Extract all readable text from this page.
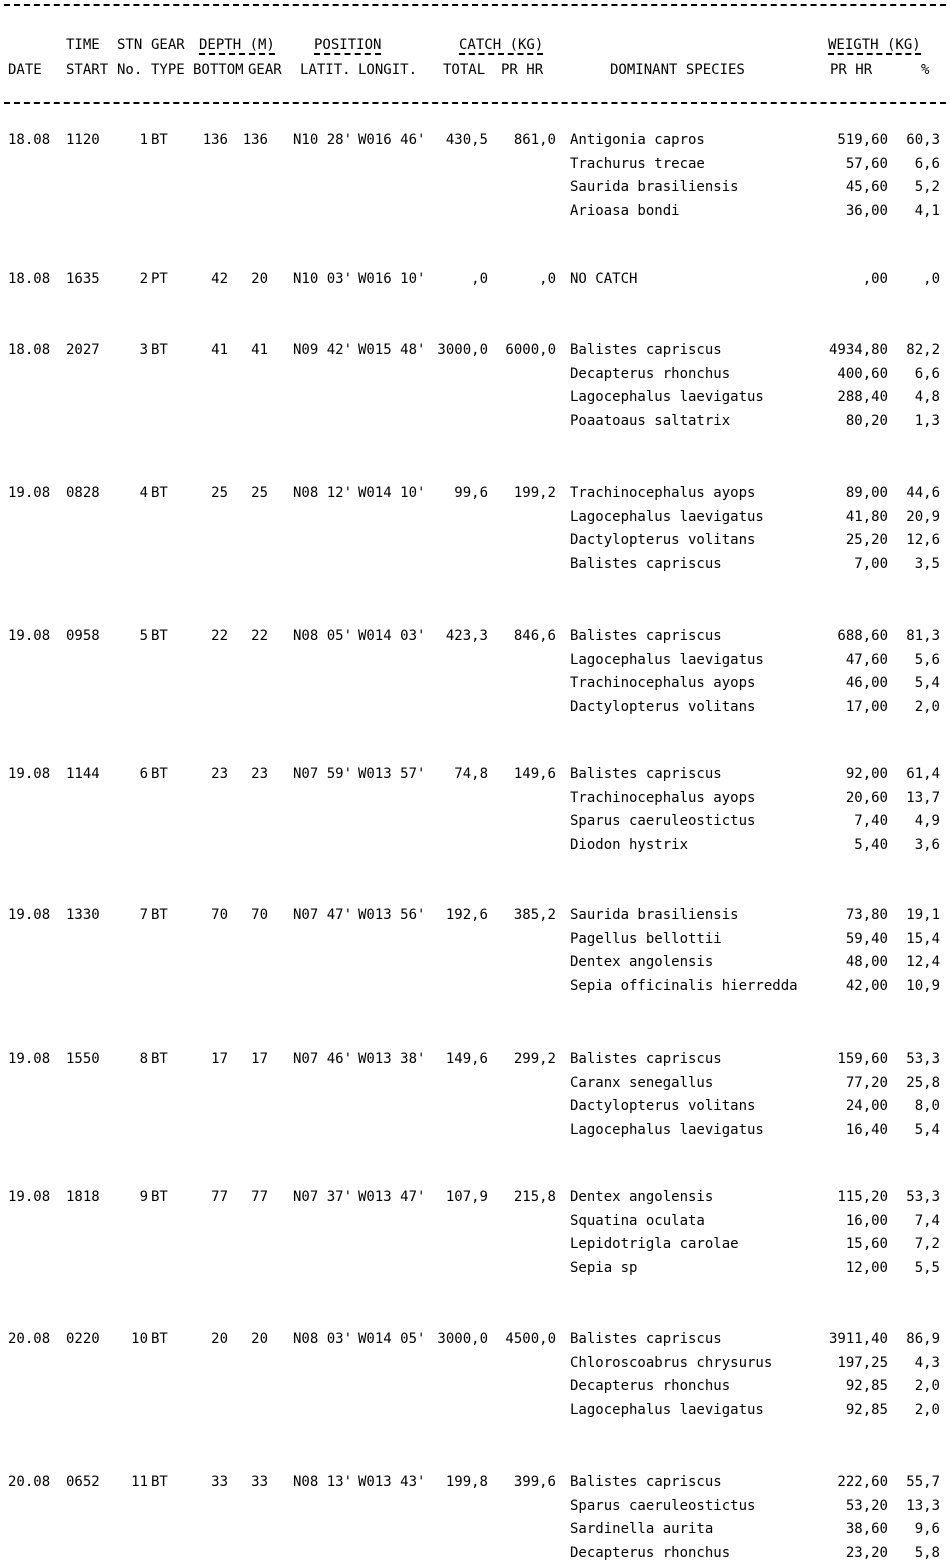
TIME STN GEAR DEPTH (M)	POSITION	CATCH (KG)	WEIGTH (KG)
DATE START No. TYPE BOTTOM GEAR LATIT. LONGIT. TOTAL PR HR	DOMINANT SPECIES	PR HR	%
18.08 1120	1 BT	136	136 N10 28' W016 46'	430,5	861,0 Antigonia capros	519,60	60,3
Trachurus trecae	57,60	6,6
Saurida brasiliensis	45,60	5,2
Arioasa bondi	36,00	4,1
18.08 1635	2 PT	42	20 N10 03' W016 10'	,0	,0 NO CATCH	,00	,0
18.08 2027	3 BT	41	41 N09 42' W015 48' 3000,0	6000,0 Balistes capriscus	4934,80	82,2
Decapterus rhonchus	400,60	6,6
Lagocephalus laevigatus	288,40	4,8
Poaatoaus saltatrix	80,20	1,3
19.08 0828	4 BT	25	25 N08 12' W014 10'	99,6	199,2 Trachinocephalus ayops	89,00	44,6
Lagocephalus laevigatus	41,80	20,9
Dactylopterus volitans	25,20	12,6
Balistes capriscus	7,00	3,5
19.08 0958	5 BT	22	22 N08 05' W014 03'	423,3	846,6 Balistes capriscus	688,60	81,3
Lagocephalus laevigatus	47,60	5,6
Trachinocephalus ayops	46,00	5,4
Dactylopterus volitans	17,00	2,0
19.08 1144	6 BT	23	23 N07 59' W013 57'	74,8	149,6 Balistes capriscus	92,00	61,4
Trachinocephalus ayops	20,60	13,7
Sparus caeruleostictus	7,40	4,9
Diodon hystrix	5,40	3,6
19.08 1330	7 BT	70	70 N07 47' W013 56'	192,6	385,2 Saurida brasiliensis	73,80	19,1
Pagellus bellottii	59,40	15,4
Dentex angolensis	48,00	12,4
Sepia officinalis hierredda	42,00	10,9
19.08 1550	8 BT	17	17 N07 46' W013 38'	149,6	299,2 Balistes capriscus	159,60	53,3
Caranx senegallus	77,20	25,8
Dactylopterus volitans	24,00	8,0
Lagocephalus laevigatus	16,40	5,4
19.08 1818	9 BT	77	77 N07 37' W013 47'	107,9	215,8 Dentex angolensis	115,20	53,3
Squatina oculata	16,00	7,4
Lepidotrigla carolae	15,60	7,2
Sepia sp	12,00	5,5
20.08 0220	10 BT	20	20 N08 03' W014 05' 3000,0	4500,0 Balistes capriscus	3911,40	86,9
Chloroscoabrus chrysurus	197,25	4,3
Decapterus rhonchus	92,85	2,0
Lagocephalus laevigatus	92,85	2,0
20.08 0652	11 BT	33	33 N08 13' W013 43'	199,8	399,6 Balistes capriscus	222,60	55,7
Sparus caeruleostictus	53,20	13,3
Sardinella aurita	38,60	9,6
Decapterus rhonchus	23,20	5,8
